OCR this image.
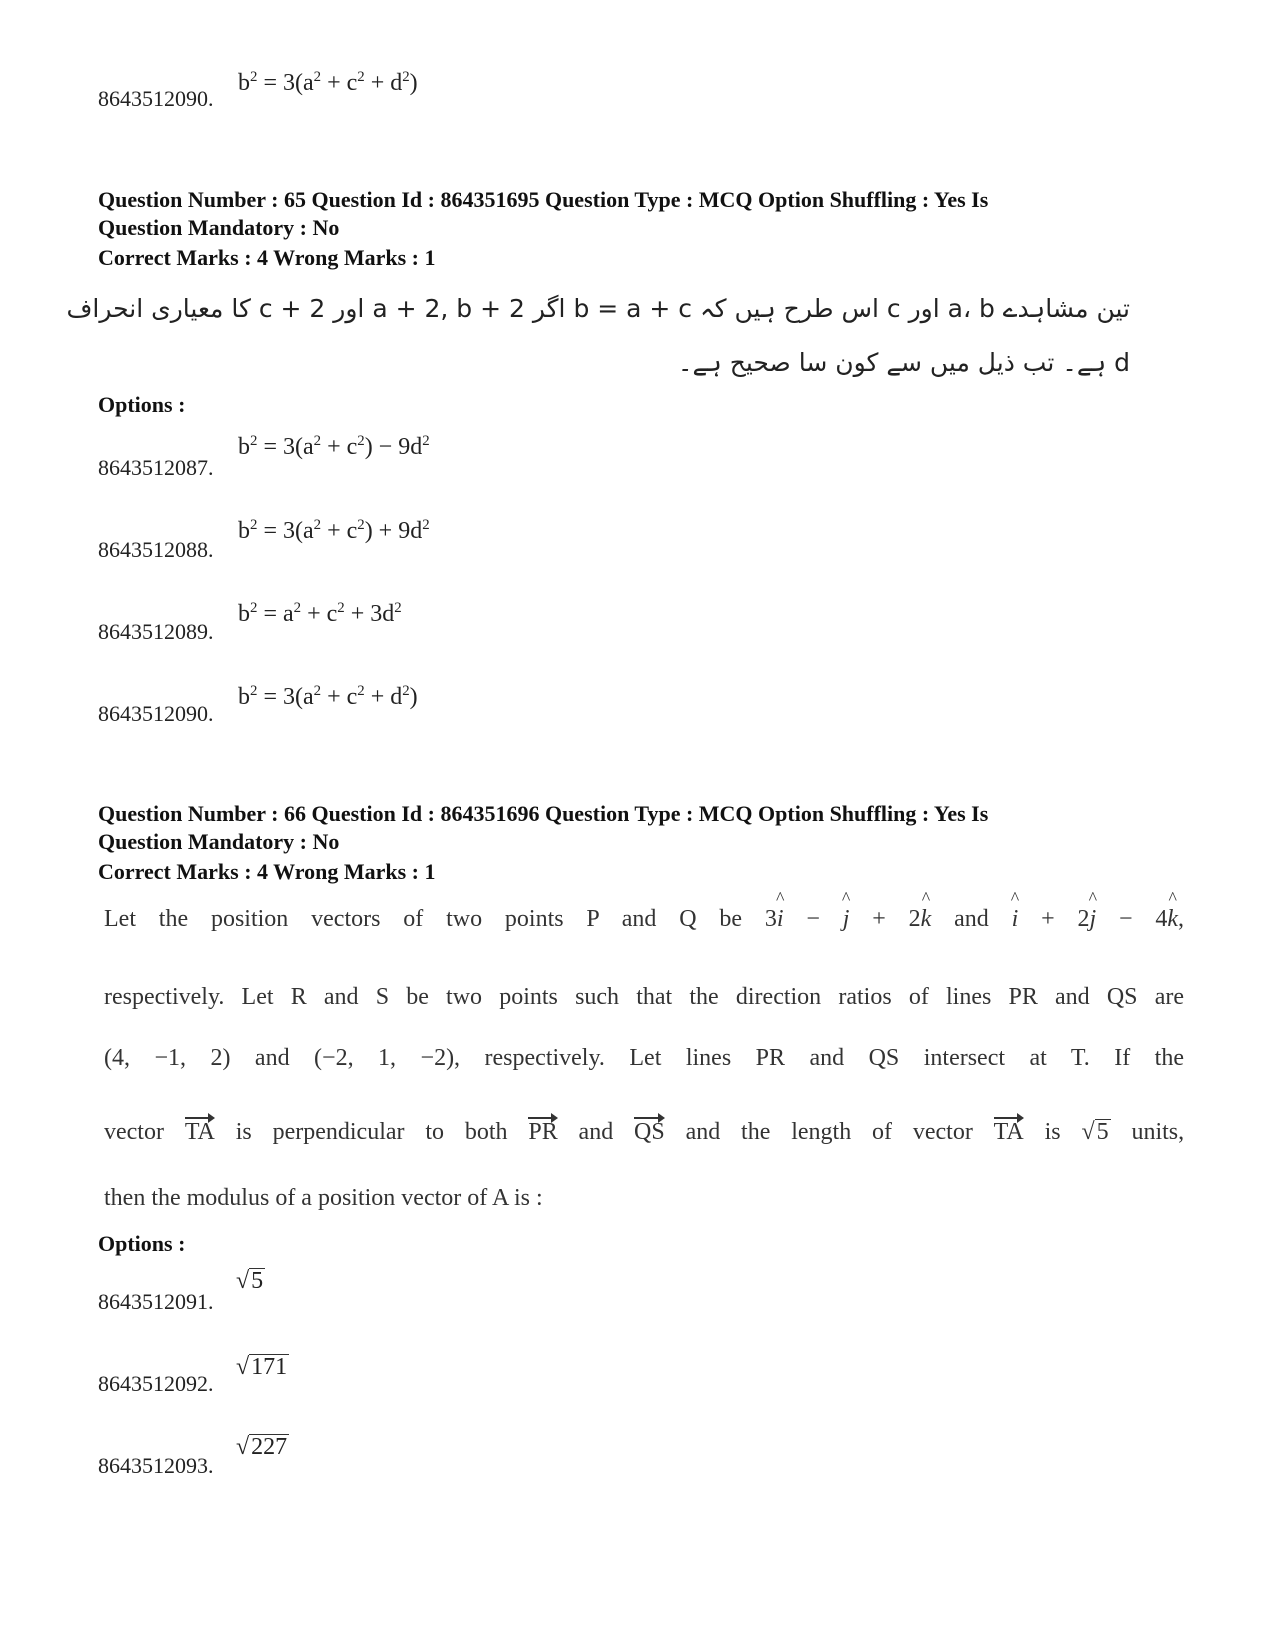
8643512090.
$b^2 = 3(a^2 + c^2 + d^2)$
Question Number : 65 Question Id : 864351695 Question Type : MCQ Option Shuffling : Yes Is
Question Mandatory : No
Correct Marks : 4 Wrong Marks : 1
تین مشاہدے a، b اور c اس طرح ہیں کہ b = a + c اگر a + 2, b + 2 اور c + 2 کا معیاری انحراف d ہے۔ تب ذیل میں سے کون سا صحیح ہے۔
Options :
8643512087.
$b^2 = 3(a^2 + c^2) - 9d^2$
8643512088.
$b^2 = 3(a^2 + c^2) + 9d^2$
8643512089.
$b^2 = a^2 + c^2 + 3d^2$
8643512090.
$b^2 = 3(a^2 + c^2 + d^2)$
Question Number : 66 Question Id : 864351696 Question Type : MCQ Option Shuffling : Yes Is
Question Mandatory : No
Correct Marks : 4 Wrong Marks : 1
Let the position vectors of two points P and Q be 3^ i − ^ j + 2^ k and ^ i + 2^ j − 4^ k,
respectively. Let R and S be two points such that the direction ratios of lines PR and QS are
(4, −1, 2) and (−2, 1, −2), respectively. Let lines PR and QS intersect at T. If the
vector TA is perpendicular to both PR and QS and the length of vector TA is √5 units,
then the modulus of a position vector of A is :
Options :
8643512091.
√5
8643512092.
√171
8643512093.
√227
